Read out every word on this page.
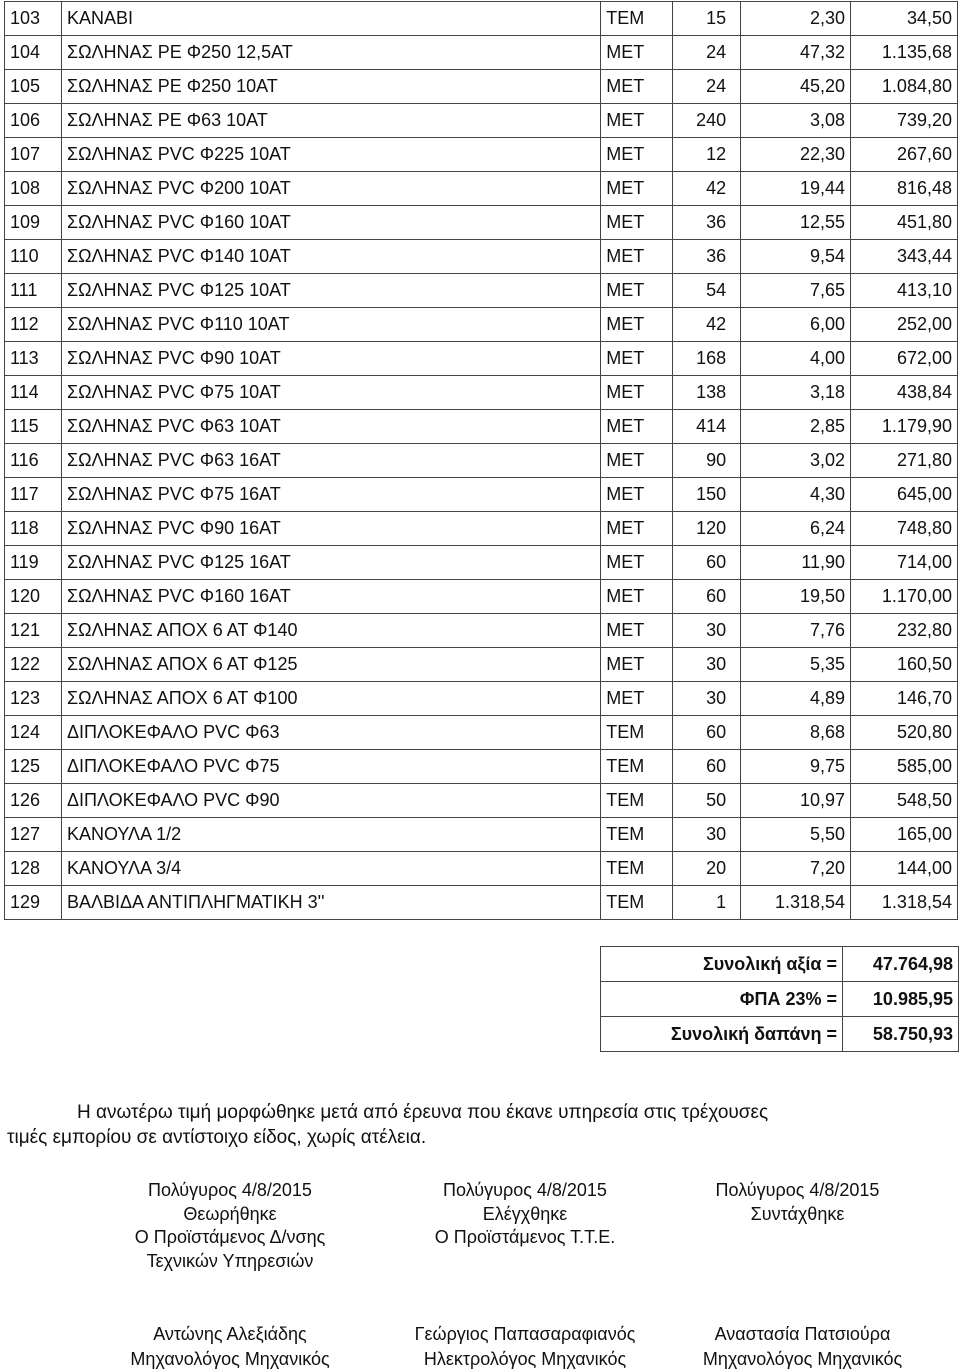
103	ΚΑΝΑΒΙ	ΤΕΜ	15	2,30	34,50
104	ΣΩΛΗΝΑΣ PE Φ250 12,5ΑΤ	ΜΕΤ	24	47,32	1.135,68
105	ΣΩΛΗΝΑΣ PE Φ250 10AT	ΜΕΤ	24	45,20	1.084,80
106	ΣΩΛΗΝΑΣ PE Φ63 10AT	ΜΕΤ	240	3,08	739,20
107	ΣΩΛΗΝΑΣ PVC Φ225 10AT	ΜΕΤ	12	22,30	267,60
108	ΣΩΛΗΝΑΣ PVC Φ200 10AT	ΜΕΤ	42	19,44	816,48
109	ΣΩΛΗΝΑΣ PVC Φ160 10AT	ΜΕΤ	36	12,55	451,80
110	ΣΩΛΗΝΑΣ PVC Φ140 10AT	ΜΕΤ	36	9,54	343,44
111	ΣΩΛΗΝΑΣ PVC Φ125 10AT	ΜΕΤ	54	7,65	413,10
112	ΣΩΛΗΝΑΣ PVC Φ110 10AT	ΜΕΤ	42	6,00	252,00
113	ΣΩΛΗΝΑΣ PVC Φ90 10AT	ΜΕΤ	168	4,00	672,00
114	ΣΩΛΗΝΑΣ PVC Φ75 10AT	ΜΕΤ	138	3,18	438,84
115	ΣΩΛΗΝΑΣ PVC Φ63 10AT	ΜΕΤ	414	2,85	1.179,90
116	ΣΩΛΗΝΑΣ PVC Φ63 16AT	ΜΕΤ	90	3,02	271,80
117	ΣΩΛΗΝΑΣ PVC Φ75 16AT	ΜΕΤ	150	4,30	645,00
118	ΣΩΛΗΝΑΣ PVC Φ90 16AT	ΜΕΤ	120	6,24	748,80
119	ΣΩΛΗΝΑΣ PVC Φ125 16AT	ΜΕΤ	60	11,90	714,00
120	ΣΩΛΗΝΑΣ PVC Φ160 16AT	ΜΕΤ	60	19,50	1.170,00
121	ΣΩΛΗΝΑΣ ΑΠΟΧ 6 ΑΤ Φ140	ΜΕΤ	30	7,76	232,80
122	ΣΩΛΗΝΑΣ ΑΠΟΧ 6 ΑΤ Φ125	ΜΕΤ	30	5,35	160,50
123	ΣΩΛΗΝΑΣ ΑΠΟΧ 6 ΑΤ Φ100	ΜΕΤ	30	4,89	146,70
124	ΔΙΠΛΟΚΕΦΑΛΟ PVC Φ63	ΤΕΜ	60	8,68	520,80
125	ΔΙΠΛΟΚΕΦΑΛΟ PVC Φ75	ΤΕΜ	60	9,75	585,00
126	ΔΙΠΛΟΚΕΦΑΛΟ PVC Φ90	ΤΕΜ	50	10,97	548,50
127	ΚΑΝΟΥΛΑ 1/2	ΤΕΜ	30	5,50	165,00
128	ΚΑΝΟΥΛΑ 3/4	ΤΕΜ	20	7,20	144,00
129	ΒΑΛΒΙΔΑ ΑΝΤΙΠΛΗΓΜΑΤΙΚΗ 3''	ΤΕΜ	1	1.318,54	1.318,54
Συνολική αξία =	47.764,98
ΦΠΑ 23% =	10.985,95
Συνολική δαπάνη =	58.750,93
Η ανωτέρω τιμή μορφώθηκε μετά από έρευνα που έκανε υπηρεσία στις τρέχουσες
τιμές εμπορίου σε αντίστοιχο είδος, χωρίς ατέλεια.
Πολύγυρος 4/8/2015
Θεωρήθηκε
Ο Προϊστάμενος Δ/νσης
Τεχνικών Υπηρεσιών
Πολύγυρος 4/8/2015
Ελέγχθηκε
Ο Προϊστάμενος Τ.Τ.Ε.
Πολύγυρος 4/8/2015
Συντάχθηκε
Αντώνης Αλεξιάδης
Μηχανολόγος Μηχανικός
Γεώργιος Παπασαραφιανός
Ηλεκτρολόγος Μηχανικός
Αναστασία Πατσιούρα
Μηχανολόγος Μηχανικός
